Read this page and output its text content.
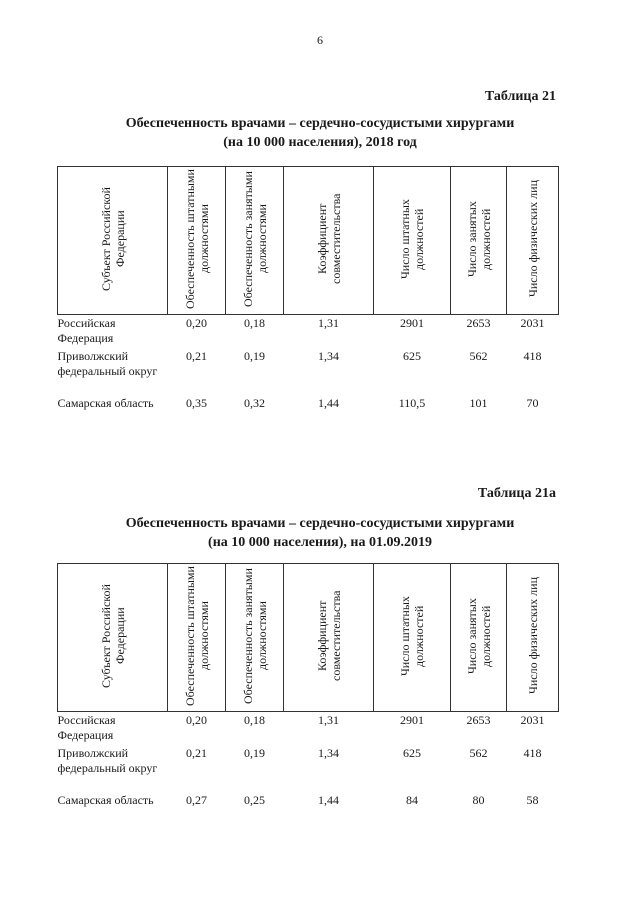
6
Таблица 21
Обеспеченность врачами – сердечно-сосудистыми хирургами
(на 10 000 населения), 2018 год
Субъект Российской Федерации	Обеспеченность штатными должностями	Обеспеченность занятыми должностями	Коэффициент совместительства	Число штатных должностей	Число занятых должностей	Число физических лиц
Российская Федерация	0,20	0,18	1,31	2901	2653	2031
Приволжский федеральный округ	0,21	0,19	1,34	625	562	418
Самарская область	0,35	0,32	1,44	110,5	101	70
Таблица 21а
Обеспеченность врачами – сердечно-сосудистыми хирургами
(на 10 000 населения), на 01.09.2019
Субъект Российской Федерации	Обеспеченность штатными должностями	Обеспеченность занятыми должностями	Коэффициент совместительства	Число штатных должностей	Число занятых должностей	Число физических лиц
Российская Федерация	0,20	0,18	1,31	2901	2653	2031
Приволжский федеральный округ	0,21	0,19	1,34	625	562	418
Самарская область	0,27	0,25	1,44	84	80	58
